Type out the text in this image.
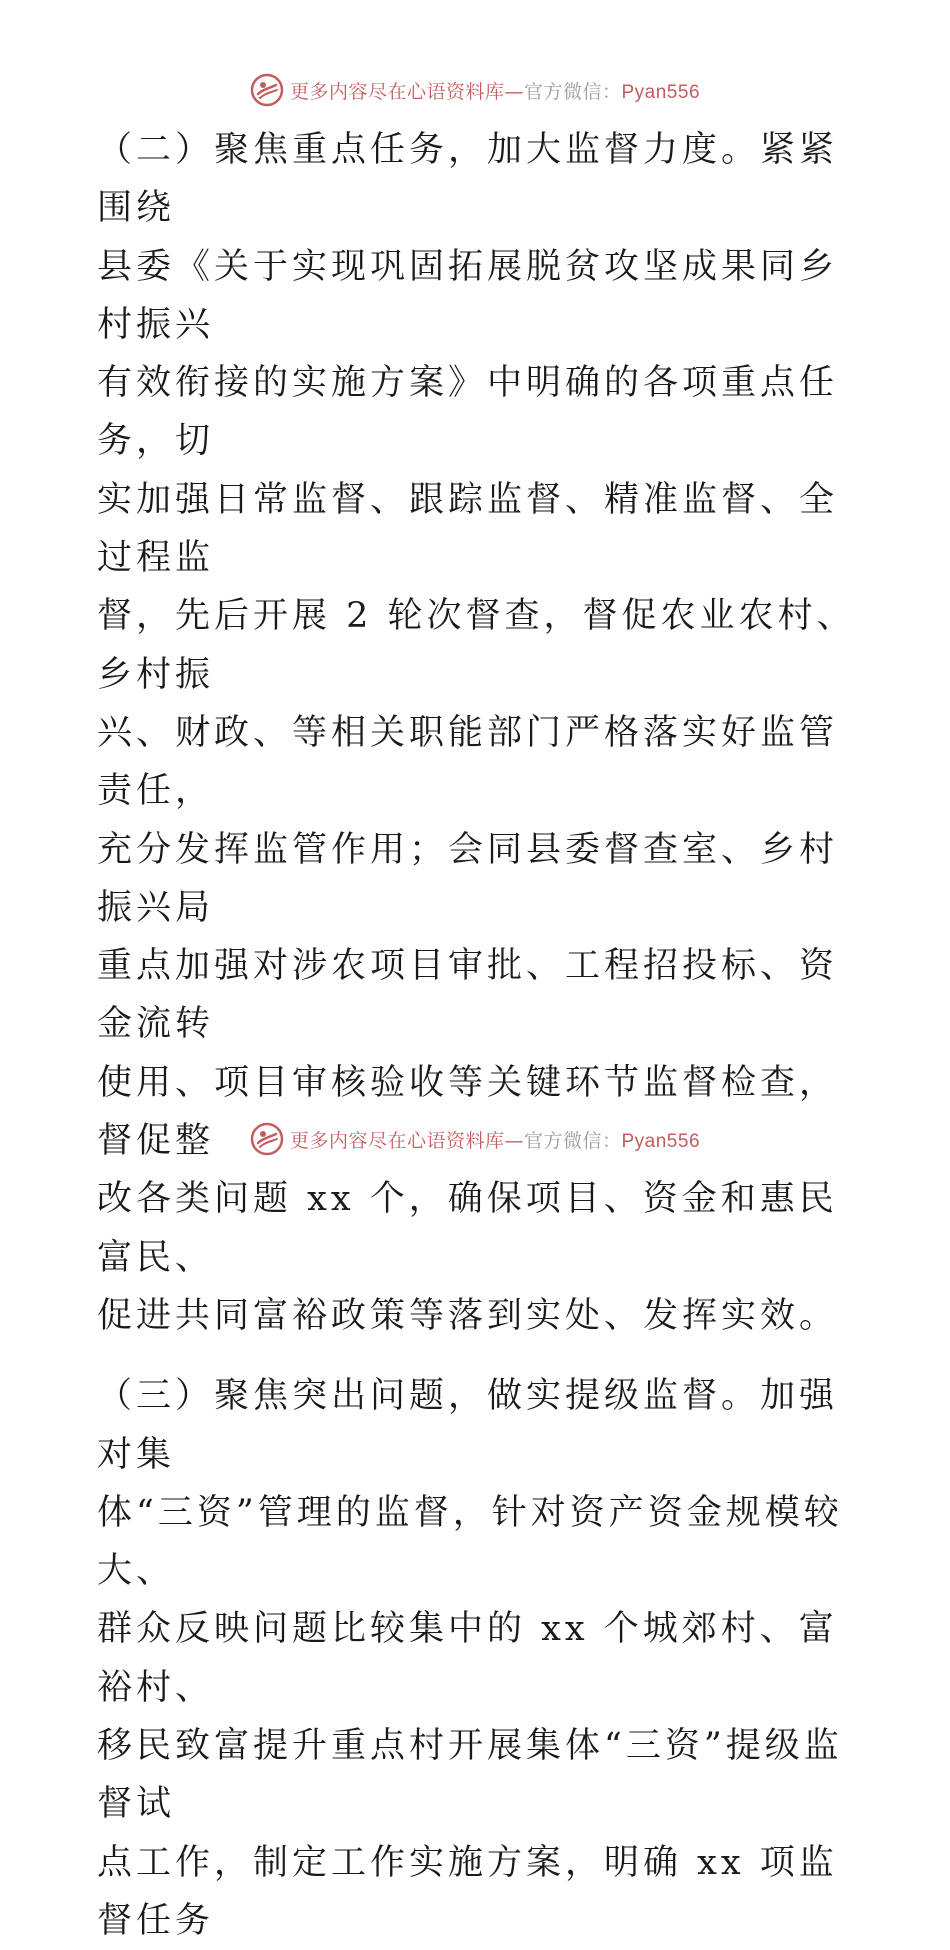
更多内容尽在心语资料库—官方微信：Pyan556

（二）聚焦重点任务，加大监督力度。紧紧围绕
县委《关于实现巩固拓展脱贫攻坚成果同乡村振兴
有效衔接的实施方案》中明确的各项重点任务，切
实加强日常监督、跟踪监督、精准监督、全过程监
督，先后开展 2 轮次督查，督促农业农村、乡村振
兴、财政、等相关职能部门严格落实好监管责任，
充分发挥监管作用；会同县委督查室、乡村振兴局
重点加强对涉农项目审批、工程招投标、资金流转
使用、项目审核验收等关键环节监督检查，督促整
改各类问题 xx 个，确保项目、资金和惠民富民、
促进共同富裕政策等落到实处、发挥实效。

（三）聚焦突出问题，做实提级监督。加强对集
体“三资”管理的监督，针对资产资金规模较大、
群众反映问题比较集中的 xx 个城郊村、富裕村、
移民致富提升重点村开展集体“三资”提级监督试
点工作，制定工作实施方案，明确 xx 项监督任务

更多内容尽在心语资料库—官方微信：Pyan556
